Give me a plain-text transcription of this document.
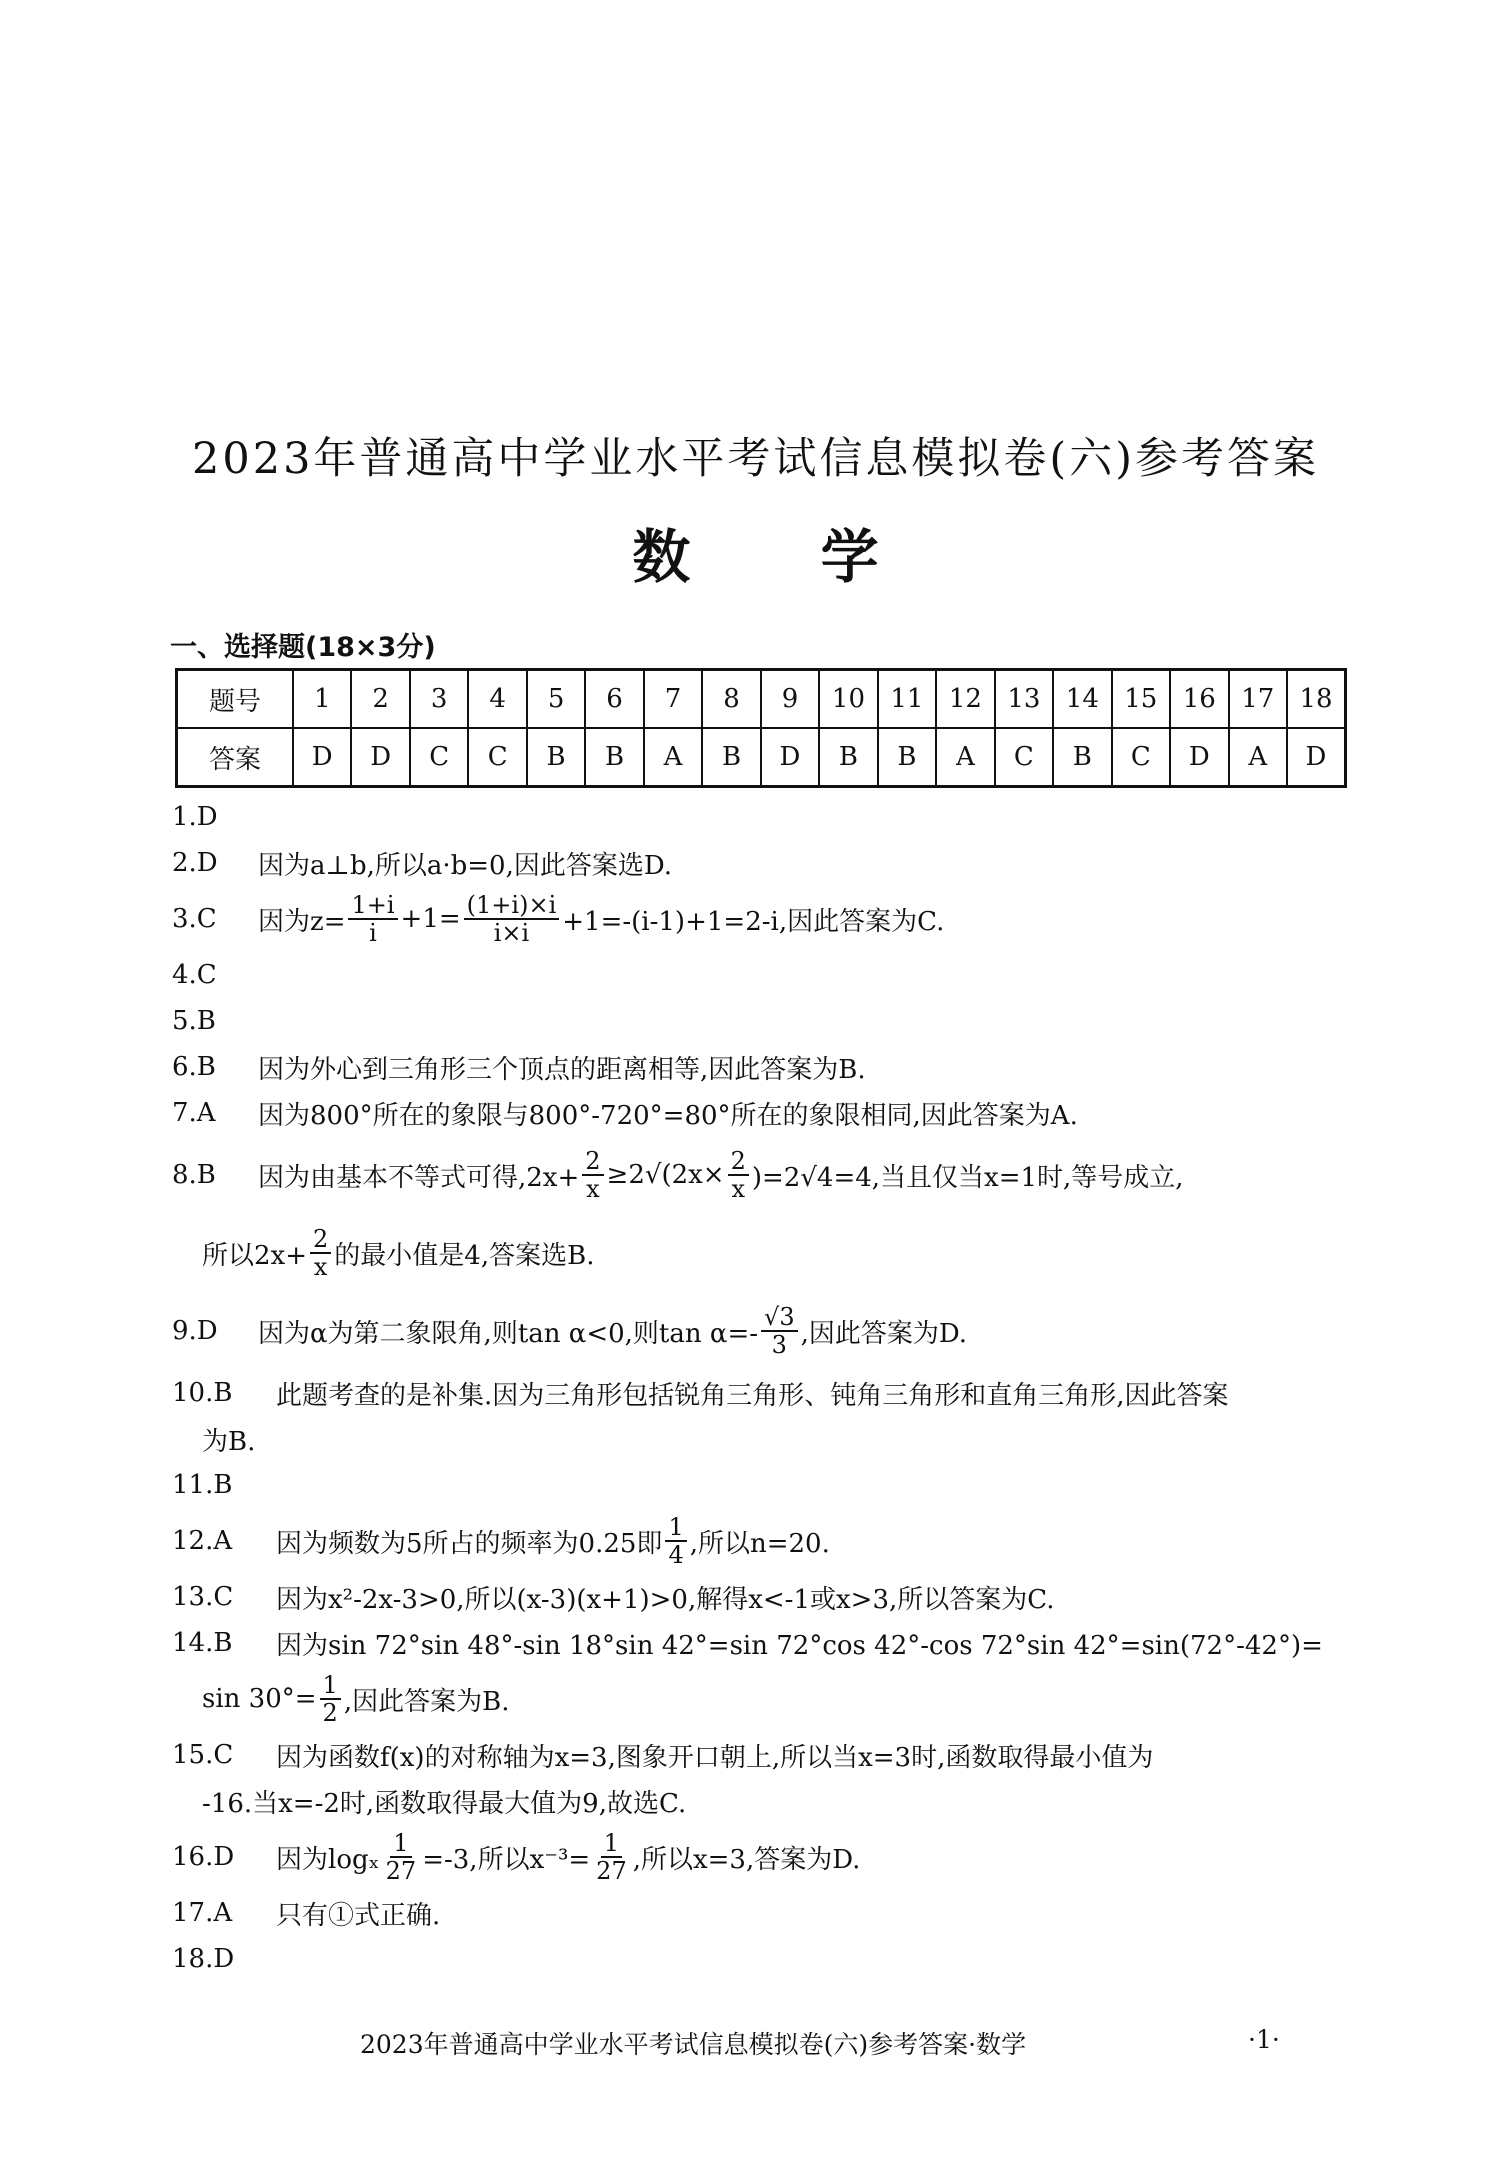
2023年普通高中学业水平考试信息模拟卷(六)参考答案
数 学
一、选择题(18×3分)
题号	1	2	3	4	5	6	7	8	9	10	11	12	13	14	15	16	17	18
答案	D	D	C	C	B	B	A	B	D	B	B	A	C	B	C	D	A	D
1.D
2.D	因为a⊥b,所以a·b=0,因此答案选D.
3.C	因为$z= \frac{1+i}{i} +1= \frac{(1+i)\times i}{i\times i} +1=-(i-1)+1=2-i$,因此答案为C.
4.C
5.B
6.B	因为外心到三角形三个顶点的距离相等,因此答案为B.
7.A	因为800°所在的象限与800°-720°=80°所在的象限相同,因此答案为A.
8.B	因为由基本不等式可得$,2x+ \frac{2}{x} \ge 2√(2x\times \frac{2}{x} )=2√4=4$,当且仅当x=1时,等号成立,
所以$2x+ \frac{2}{x}$ 的最小值是4,答案选B.
9.D	因为α为第二象限角,则tan α<0,则$\tan \alpha=- \frac{√3}{3}$ ,因此答案为D.
10.B	此题考查的是补集.因为三角形包括锐角三角形、钝角三角形和直角三角形,因此答案
为B.
11.B
12.A	因为频数为5所占的频率为0.25即 $\frac{1}{4}$ ,所以n=20.
13.C	因为x²-2x-3>0,所以(x-3)(x+1)>0,解得x<-1或x>3,所以答案为C.
14.B	因为sin 72°sin 48°-sin 18°sin 42°=sin 72°cos 42°-cos 72°sin 42°=sin(72°-42°)=
$\sin 30^\circ= \frac{1}{2}$ ,因此答案为B.
15.C	因为函数f(x)的对称轴为x=3,图象开口朝上,所以当x=3时,函数取得最小值为
-16.当x=-2时,函数取得最大值为9,故选C.
16.D	因为logₓ $\frac{1}{27} =-3$,所以$x^{-3}= \frac{1}{27}$ ,所以x=3,答案为D.
17.A	只有①式正确.
18.D
2023年普通高中学业水平考试信息模拟卷(六)参考答案·数学	·1·
